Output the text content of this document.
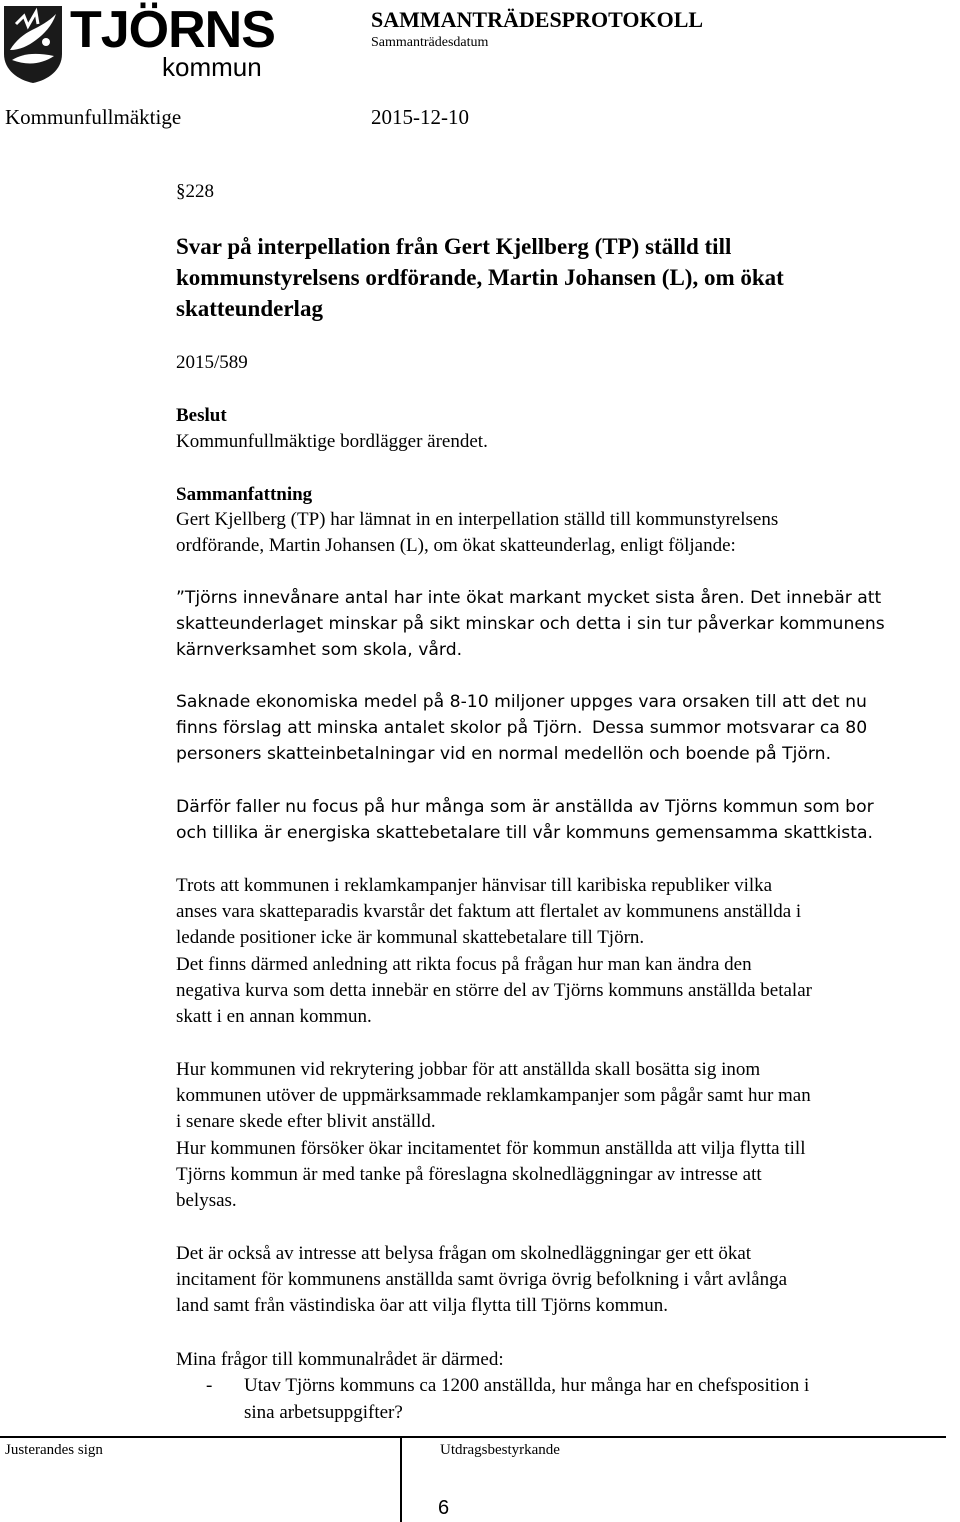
TJÖRNS
kommun
SAMMANTRÄDESPROTOKOLL
Sammanträdesdatum
Kommunfullmäktige	2015-12-10
§228
Svar på interpellation från Gert Kjellberg (TP) ställd till
kommunstyrelsens ordförande, Martin Johansen (L), om ökat
skatteunderlag
2015/589
Beslut
Kommunfullmäktige bordlägger ärendet.
Sammanfattning
Gert Kjellberg (TP) har lämnat in en interpellation ställd till kommunstyrelsens
ordförande, Martin Johansen (L), om ökat skatteunderlag, enligt följande:
”Tjörns innevånare antal har inte ökat markant mycket sista åren. Det innebär att
skatteunderlaget minskar på sikt minskar och detta i sin tur påverkar kommunens
kärnverksamhet som skola, vård.
Saknade ekonomiska medel på 8-10 miljoner uppges vara orsaken till att det nu
finns förslag att minska antalet skolor på Tjörn. Dessa summor motsvarar ca 80
personers skatteinbetalningar vid en normal medellön och boende på Tjörn.
Därför faller nu focus på hur många som är anställda av Tjörns kommun som bor
och tillika är energiska skattebetalare till vår kommuns gemensamma skattkista.
Trots att kommunen i reklamkampanjer hänvisar till karibiska republiker vilka
anses vara skatteparadis kvarstår det faktum att flertalet av kommunens anställda i
ledande positioner icke är kommunal skattebetalare till Tjörn.
Det finns därmed anledning att rikta focus på frågan hur man kan ändra den
negativa kurva som detta innebär en större del av Tjörns kommuns anställda betalar
skatt i en annan kommun.
Hur kommunen vid rekrytering jobbar för att anställda skall bosätta sig inom
kommunen utöver de uppmärksammade reklamkampanjer som pågår samt hur man
i senare skede efter blivit anställd.
Hur kommunen försöker ökar incitamentet för kommun anställda att vilja flytta till
Tjörns kommun är med tanke på föreslagna skolnedläggningar av intresse att
belysas.
Det är också av intresse att belysa frågan om skolnedläggningar ger ett ökat
incitament för kommunens anställda samt övriga övrig befolkning i vårt avlånga
land samt från västindiska öar att vilja flytta till Tjörns kommun.
Mina frågor till kommunalrådet är därmed:
- Utav Tjörns kommuns ca 1200 anställda, hur många har en chefsposition i
sina arbetsuppgifter?
Justerandes sign	Utdragsbestyrkande
6
